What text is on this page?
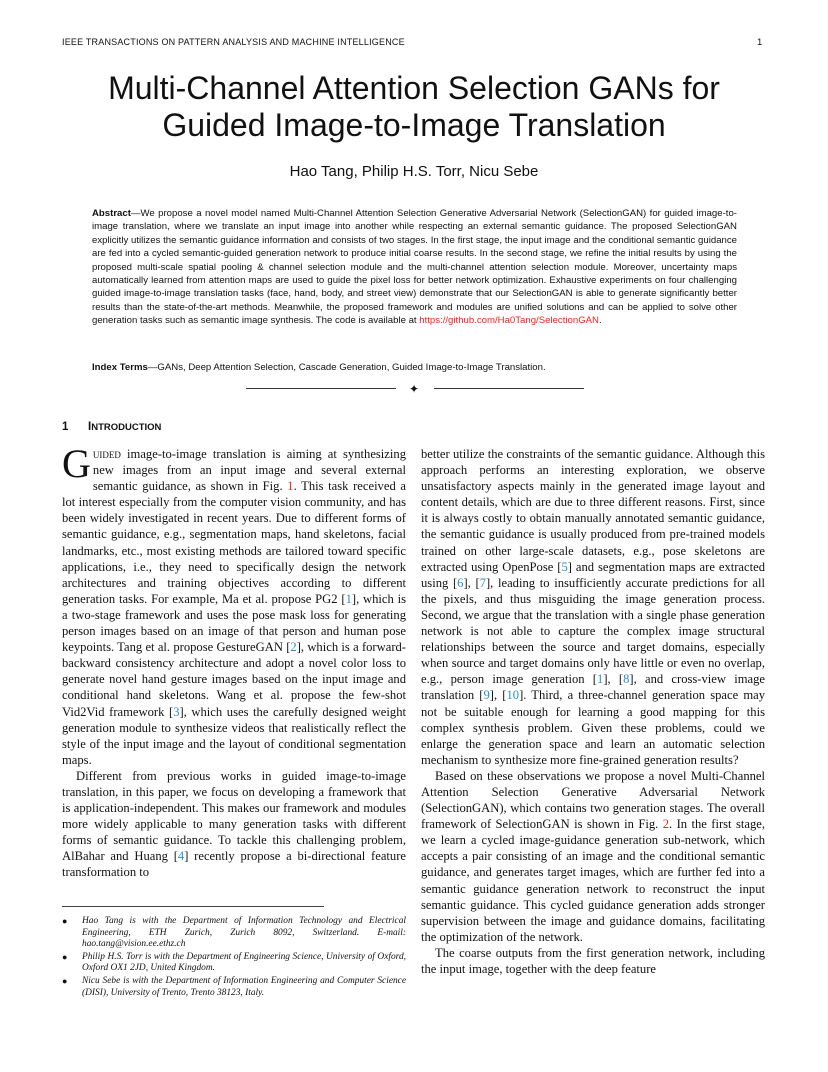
IEEE TRANSACTIONS ON PATTERN ANALYSIS AND MACHINE INTELLIGENCE	1
Multi-Channel Attention Selection GANs for
Guided Image-to-Image Translation
Hao Tang, Philip H.S. Torr, Nicu Sebe

Abstract—We propose a novel model named Multi-Channel Attention Selection Generative Adversarial Network (SelectionGAN) for guided image-to-image translation, where we translate an input image into another while respecting an external semantic guidance. The proposed SelectionGAN explicitly utilizes the semantic guidance information and consists of two stages. In the first stage, the input image and the conditional semantic guidance are fed into a cycled semantic-guided generation network to produce initial coarse results. In the second stage, we refine the initial results by using the proposed multi-scale spatial pooling & channel selection module and the multi-channel attention selection module. Moreover, uncertainty maps automatically learned from attention maps are used to guide the pixel loss for better network optimization. Exhaustive experiments on four challenging guided image-to-image translation tasks (face, hand, body, and street view) demonstrate that our SelectionGAN is able to generate significantly better results than the state-of-the-art methods. Meanwhile, the proposed framework and modules are unified solutions and can be applied to solve other generation tasks such as semantic image synthesis. The code is available at https://github.com/Ha0Tang/SelectionGAN.

Index Terms—GANs, Deep Attention Selection, Cascade Generation, Guided Image-to-Image Translation.
✦
1 INTRODUCTION

Guided image-to-image translation is aiming at synthesizing new images from an input image and several external semantic guidance, as shown in Fig. 1. This task received a lot interest especially from the computer vision community, and has been widely investigated in recent years. Due to different forms of semantic guidance, e.g., segmentation maps, hand skeletons, facial landmarks, etc., most existing methods are tailored toward specific applications, i.e., they need to specifically design the network architectures and training objectives according to different generation tasks. For example, Ma et al. propose PG2 [1], which is a two-stage framework and uses the pose mask loss for generating person images based on an image of that person and human pose keypoints. Tang et al. propose GestureGAN [2], which is a forward-backward consistency architecture and adopt a novel color loss to generate novel hand gesture images based on the input image and conditional hand skeletons. Wang et al. propose the few-shot Vid2Vid framework [3], which uses the carefully designed weight generation module to synthesize videos that realistically reflect the style of the input image and the layout of conditional segmentation maps.

Different from previous works in guided image-to-image translation, in this paper, we focus on developing a framework that is application-independent. This makes our framework and modules more widely applicable to many generation tasks with different forms of semantic guidance. To tackle this challenging problem, AlBahar and Huang [4] recently propose a bi-directional feature transformation to

better utilize the constraints of the semantic guidance. Although this approach performs an interesting exploration, we observe unsatisfactory aspects mainly in the generated image layout and content details, which are due to three different reasons. First, since it is always costly to obtain manually annotated semantic guidance, the semantic guidance is usually produced from pre-trained models trained on other large-scale datasets, e.g., pose skeletons are extracted using OpenPose [5] and segmentation maps are extracted using [6], [7], leading to insufficiently accurate predictions for all the pixels, and thus misguiding the image generation process. Second, we argue that the translation with a single phase generation network is not able to capture the complex image structural relationships between the source and target domains, especially when source and target domains only have little or even no overlap, e.g., person image generation [1], [8], and cross-view image translation [9], [10]. Third, a three-channel generation space may not be suitable enough for learning a good mapping for this complex synthesis problem. Given these problems, could we enlarge the generation space and learn an automatic selection mechanism to synthesize more fine-grained generation results?

Based on these observations we propose a novel Multi-Channel Attention Selection Generative Adversarial Network (SelectionGAN), which contains two generation stages. The overall framework of SelectionGAN is shown in Fig. 2. In the first stage, we learn a cycled image-guidance generation sub-network, which accepts a pair consisting of an image and the conditional semantic guidance, and generates target images, which are further fed into a semantic guidance generation network to reconstruct the input semantic guidance. This cycled guidance generation adds stronger supervision between the image and guidance domains, facilitating the optimization of the network.

The coarse outputs from the first generation network, including the input image, together with the deep feature

● Hao Tang is with the Department of Information Technology and Electrical Engineering, ETH Zurich, Zurich 8092, Switzerland. E-mail: hao.tang@vision.ee.ethz.ch
● Philip H.S. Torr is with the Department of Engineering Science, University of Oxford, Oxford OX1 2JD, United Kingdom.
● Nicu Sebe is with the Department of Information Engineering and Computer Science (DISI), University of Trento, Trento 38123, Italy.
